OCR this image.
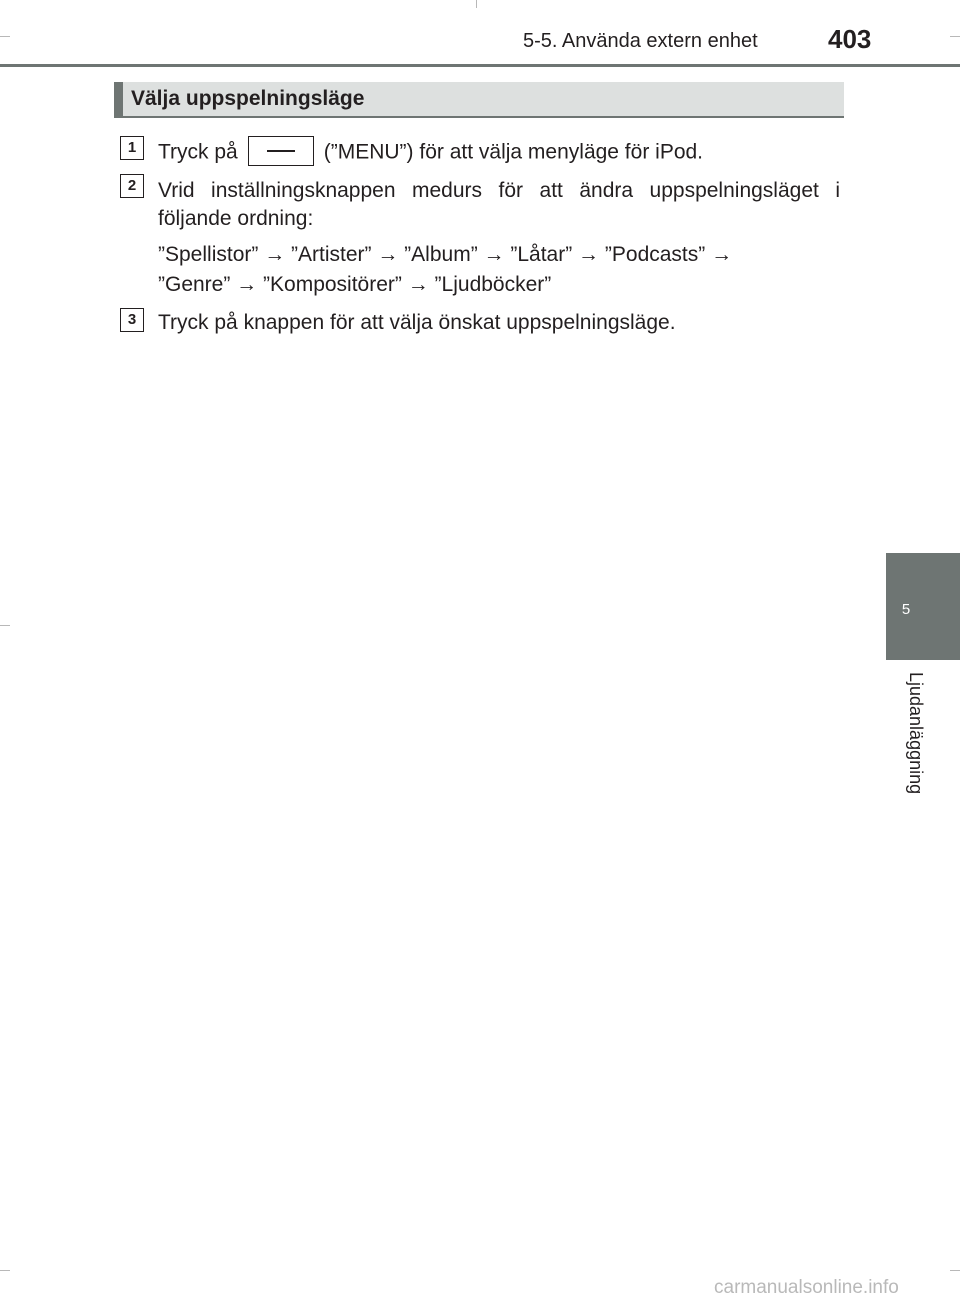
5-5. Använda extern enhet	403
Välja uppspelningsläge
1	Tryck på	(”MENU”) för att välja menyläge för iPod.
2	Vrid inställningsknappen medurs för att ändra uppspelningsläget i
följande ordning:
”Spellistor” → ”Artister” → ”Album” → ”Låtar” → ”Podcasts” →
”Genre” → ”Kompositörer” → ”Ljudböcker”
3	Tryck på knappen för att välja önskat uppspelningsläge.
5
Ljudanläggning
carmanualsonline.info
